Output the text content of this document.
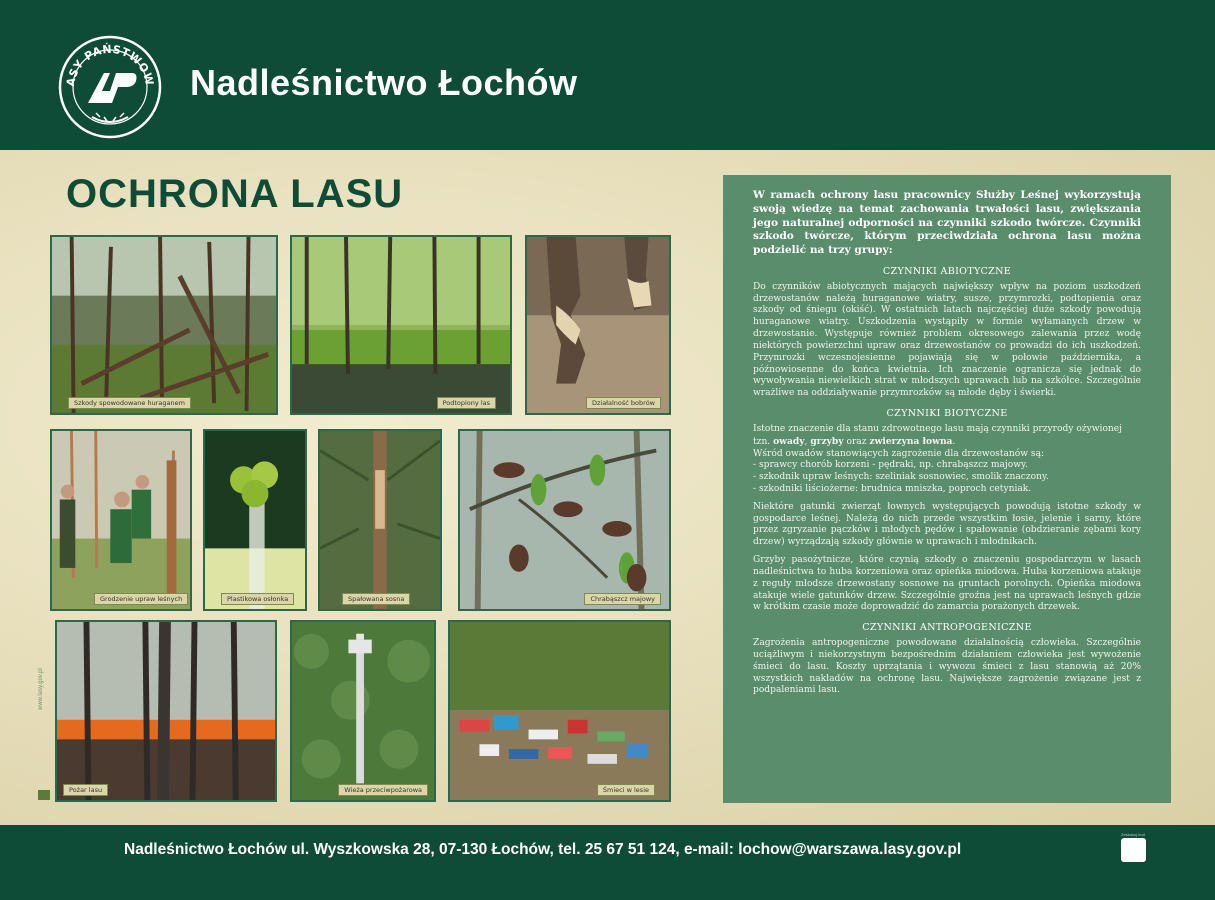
ASY PAŃSTWOW Nadleśnictwo Łochów
OCHRONA LASU
Szkody spowodowane huraganem	Podtopiony las	Działalność bobrów
Grodzenie upraw leśnych	Plastikowa osłonka	Spałowana sosna	Chrabąszcz majowy
Pożar lasu	Wieża przeciwpożarowa	Śmieci w lesie
www.lasy.gov.pl

W ramach ochrony lasu pracownicy Służby Leśnej wykorzystują swoją wiedzę na temat zachowania trwałości lasu, zwiększania jego naturalnej odporności na czynniki szkodo twórcze. Czynniki szkodo twórcze, którym przeciwdziała ochrona lasu można podzielić na trzy grupy:

CZYNNIKI ABIOTYCZNE

Do czynników abiotycznych mających największy wpływ na poziom uszkodzeń drzewostanów należą huraganowe wiatry, susze, przymrozki, podtopienia oraz szkody od śniegu (okiść). W ostatnich latach najczęściej duże szkody powodują huraganowe wiatry. Uszkodzenia wystąpiły w formie wyłamanych drzew w drzewostanie. Występuje również problem okresowego zalewania przez wodę niektórych powierzchni upraw oraz drzewostanów co prowadzi do ich uszkodzeń. Przymrozki wczesnojesienne pojawiają się w połowie października, a późnowiosenne do końca kwietnia. Ich znaczenie ogranicza się jednak do wywoływania niewielkich strat w młodszych uprawach lub na szkółce. Szczególnie wrażliwe na oddziaływanie przymrozków są młode dęby i świerki.

CZYNNIKI BIOTYCZNE

Istotne znaczenie dla stanu zdrowotnego lasu mają czynniki przyrody ożywionej tzn. owady, grzyby oraz zwierzyna łowna.

Wśród owadów stanowiących zagrożenie dla drzewostanów są:

- sprawcy chorób korzeni - pędraki, np. chrabąszcz majowy.

- szkodnik upraw leśnych: szeliniak sosnowiec, smolik znaczony.

- szkodniki liściożerne: brudnica mniszka, poproch cetyniak.

Niektóre gatunki zwierząt łownych występujących powodują istotne szkody w gospodarce leśnej. Należą do nich przede wszystkim łosie, jelenie i sarny, które przez zgryzanie pączków i młodych pędów i spałowanie (obdzieranie zębami kory drzew) wyrządzają szkody głównie w uprawach i młodnikach.

Grzyby pasożytnicze, które czynią szkody o znaczeniu gospodarczym w lasach nadleśnictwa to huba korzeniowa oraz opieńka miodowa. Huba korzeniowa atakuje z reguły młodsze drzewostany sosnowe na gruntach porolnych. Opieńka miodowa atakuje wiele gatunków drzew. Szczególnie groźna jest na uprawach leśnych gdzie w krótkim czasie może doprowadzić do zamarcia porażonych drzewek.

CZYNNIKI ANTROPOGENICZNE

Zagrożenia antropogeniczne powodowane działalnością człowieka. Szczególnie uciążliwym i niekorzystnym bezpośrednim działaniem człowieka jest wywożenie śmieci do lasu. Koszty uprzątania i wywozu śmieci z lasu stanowią aż 20% wszystkich nakładów na ochronę lasu. Największe zagrożenie związane jest z podpaleniami lasu.

Nadleśnictwo Łochów ul. Wyszkowska 28, 07-130 Łochów, tel. 25 67 51 124, e-mail: lochow@warszawa.lasy.gov.pl
Zeskanuj kod
